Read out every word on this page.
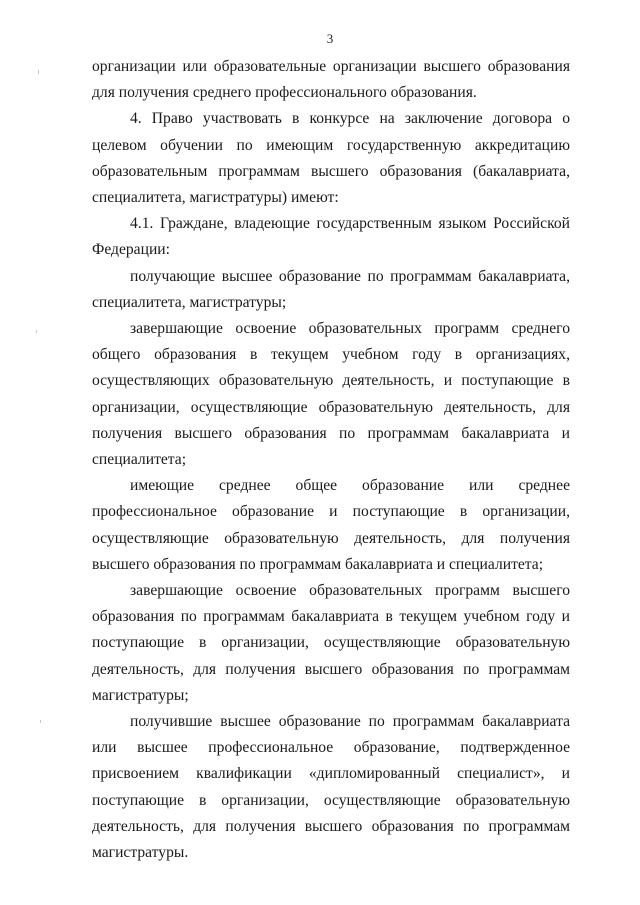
3

организации или образовательные организации высшего образования для получения среднего профессионального образования.

4. Право участвовать в конкурсе на заключение договора о целевом обучении по имеющим государственную аккредитацию образовательным программам высшего образования (бакалавриата, специалитета, магистратуры) имеют:

4.1. Граждане, владеющие государственным языком Российской Федерации:

получающие высшее образование по программам бакалавриата, специалитета, магистратуры;

завершающие освоение образовательных программ среднего общего образования в текущем учебном году в организациях, осуществляющих образовательную деятельность, и поступающие в организации, осуществляющие образовательную деятельность, для получения высшего образования по программам бакалавриата и специалитета;

имеющие среднее общее образование или среднее профессиональное образование и поступающие в организации, осуществляющие образовательную деятельность, для получения высшего образования по программам бакалавриата и специалитета;

завершающие освоение образовательных программ высшего образования по программам бакалавриата в текущем учебном году и поступающие в организации, осуществляющие образовательную деятельность, для получения высшего образования по программам магистратуры;

получившие высшее образование по программам бакалавриата или высшее профессиональное образование, подтвержденное присвоением квалификации «дипломированный специалист», и поступающие в организации, осуществляющие образовательную деятельность, для получения высшего образования по программам магистратуры.
